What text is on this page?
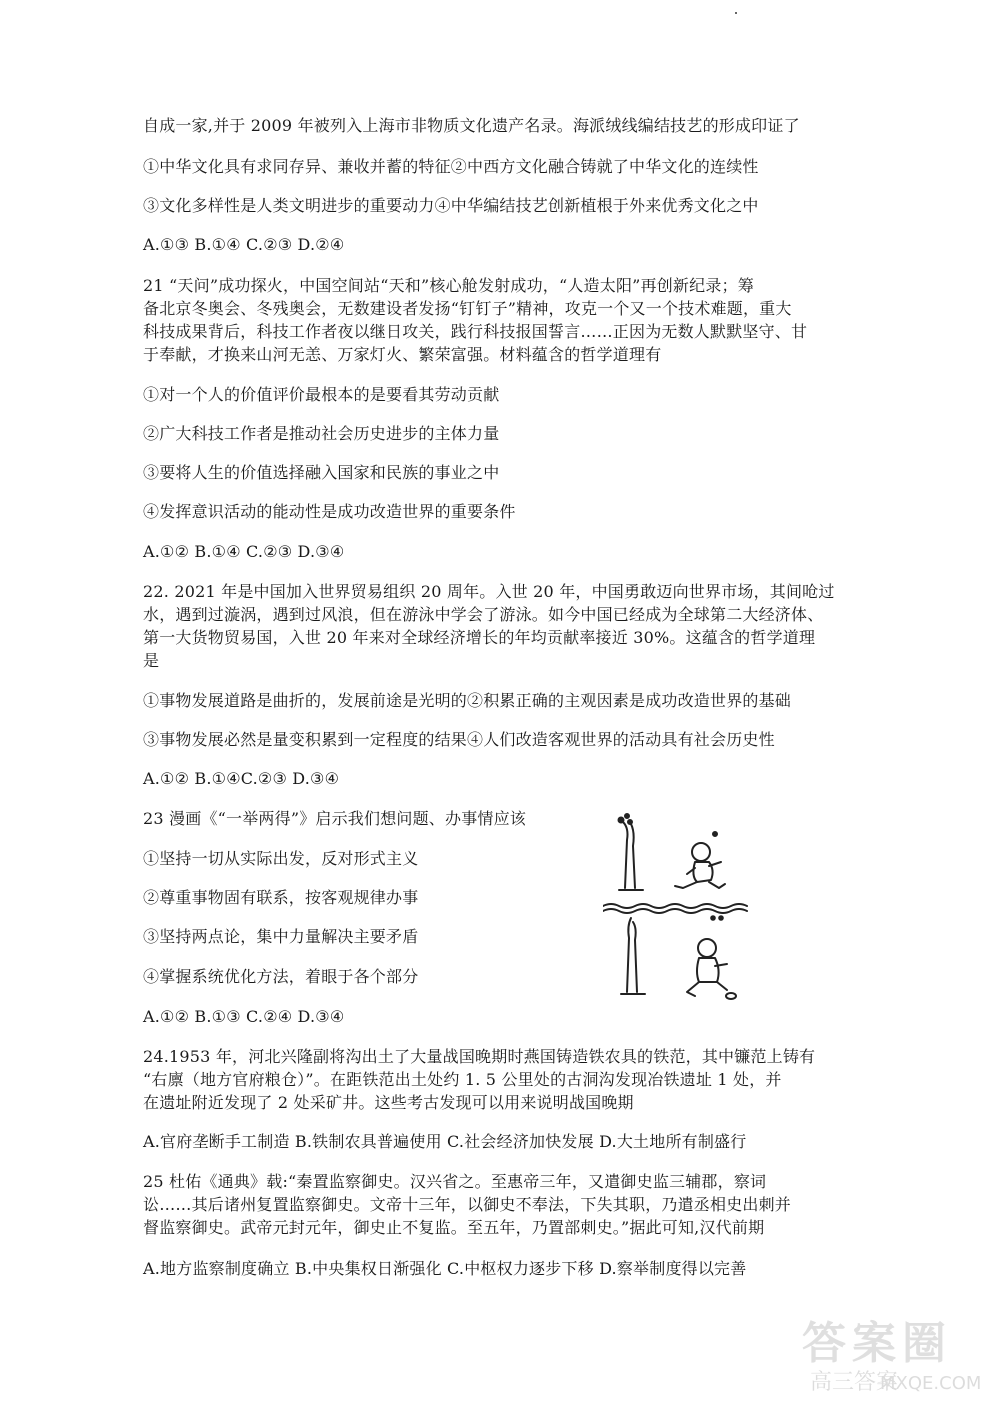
自成一家,并于 2009 年被列入上海市非物质文化遗产名录。海派绒线编结技艺的形成印证了
①中华文化具有求同存异、兼收并蓄的特征②中西方文化融合铸就了中华文化的连续性
③文化多样性是人类文明进步的重要动力④中华编结技艺创新植根于外来优秀文化之中
A.①③ B.①④ C.②③ D.②④
21 “天问”成功探火，中国空间站“天和”核心舱发射成功，“人造太阳”再创新纪录；筹
备北京冬奥会、冬残奥会，无数建设者发扬“钉钉子”精神，攻克一个又一个技术难题，重大
科技成果背后，科技工作者夜以继日攻关，践行科技报国誓言……正因为无数人默默坚守、甘
于奉献，才换来山河无恙、万家灯火、繁荣富强。材料蕴含的哲学道理有
①对一个人的价值评价最根本的是要看其劳动贡献
②广大科技工作者是推动社会历史进步的主体力量
③要将人生的价值选择融入国家和民族的事业之中
④发挥意识活动的能动性是成功改造世界的重要条件
A.①② B.①④ C.②③ D.③④
22. 2021 年是中国加入世界贸易组织 20 周年。入世 20 年，中国勇敢迈向世界市场，其间呛过
水，遇到过漩涡，遇到过风浪，但在游泳中学会了游泳。如今中国已经成为全球第二大经济体、
第一大货物贸易国，入世 20 年来对全球经济增长的年均贡献率接近 30%。这蕴含的哲学道理
是
①事物发展道路是曲折的，发展前途是光明的②积累正确的主观因素是成功改造世界的基础
③事物发展必然是量变积累到一定程度的结果④人们改造客观世界的活动具有社会历史性
A.①② B.①④C.②③ D.③④
23 漫画《“一举两得”》启示我们想问题、办事情应该
①坚持一切从实际出发，反对形式主义
②尊重事物固有联系，按客观规律办事
③坚持两点论，集中力量解决主要矛盾
④掌握系统优化方法，着眼于各个部分
A.①② B.①③ C.②④ D.③④
24.1953 年，河北兴隆副将沟出土了大量战国晚期时燕国铸造铁农具的铁范，其中镰范上铸有
“右廪（地方官府粮仓）”。在距铁范出土处约 1. 5 公里处的古洞沟发现冶铁遗址 1 处，并
在遗址附近发现了 2 处采矿井。这些考古发现可以用来说明战国晚期
A.官府垄断手工制造 B.铁制农具普遍使用 C.社会经济加快发展 D.大土地所有制盛行
25 杜佑《通典》载:“秦置监察御史。汉兴省之。至惠帝三年，又遣御史监三辅郡，察词
讼……其后诸州复置监察御史。文帝十三年，以御史不奉法，下失其职，乃遣丞相史出刺并
督监察御史。武帝元封元年，御史止不复监。至五年，乃置部刺史。”据此可知,汉代前期
A.地方监察制度确立 B.中央集权日渐强化 C.中枢权力逐步下移 D.察举制度得以完善
答案圈
高三答案
MXQE.COM
